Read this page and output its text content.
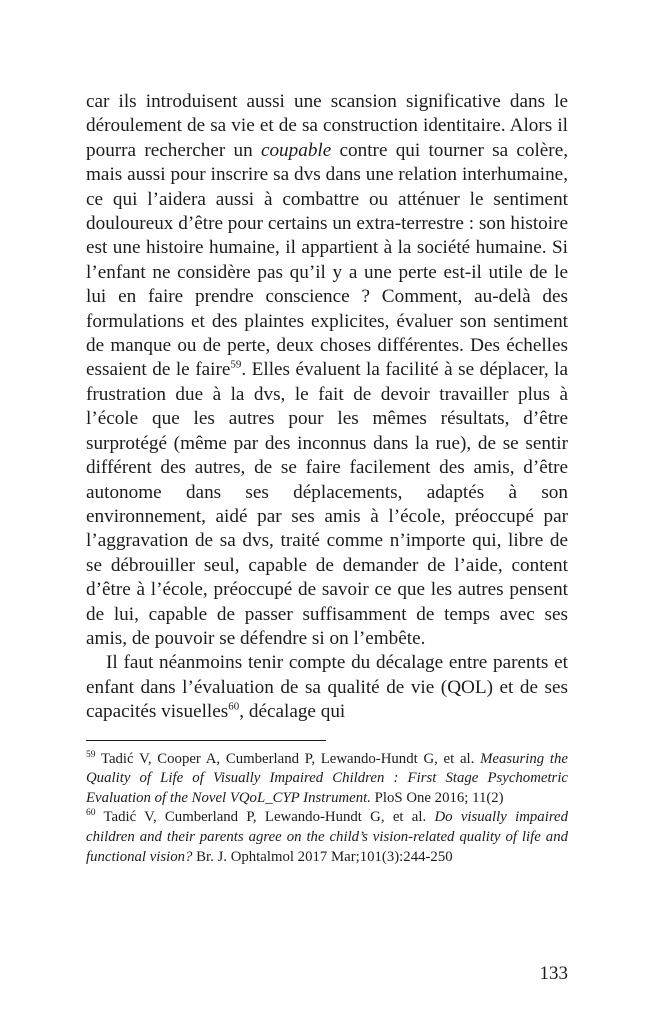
car ils introduisent aussi une scansion significative dans le déroulement de sa vie et de sa construction identitaire. Alors il pourra rechercher un coupable contre qui tourner sa colère, mais aussi pour inscrire sa dvs dans une relation interhumaine, ce qui l’aidera aussi à combattre ou atténuer le sentiment douloureux d’être pour certains un extra-terrestre : son histoire est une histoire humaine, il appartient à la société humaine. Si l’enfant ne considère pas qu’il y a une perte est-il utile de le lui en faire prendre conscience ? Comment, au-delà des formulations et des plaintes explicites, évaluer son sentiment de manque ou de perte, deux choses différentes. Des échelles essaient de le faire$^{59}$. Elles évaluent la facilité à se déplacer, la frustration due à la dvs, le fait de devoir travailler plus à l’école que les autres pour les mêmes résultats, d’être surprotégé (même par des inconnus dans la rue), de se sentir différent des autres, de se faire facilement des amis, d’être autonome dans ses déplacements, adaptés à son environnement, aidé par ses amis à l’école, préoccupé par l’aggravation de sa dvs, traité comme n’importe qui, libre de se débrouiller seul, capable de demander de l’aide, content d’être à l’école, préoccupé de savoir ce que les autres pensent de lui, capable de passer suffisamment de temps avec ses amis, de pouvoir se défendre si on l’embête.

Il faut néanmoins tenir compte du décalage entre parents et enfant dans l’évaluation de sa qualité de vie (QOL) et de ses capacités visuelles$^{60}$, décalage qui

$^{59}$ Tadić V, Cooper A, Cumberland P, Lewando-Hundt G, et al. Measuring the Quality of Life of Visually Impaired Children : First Stage Psychometric Evaluation of the Novel VQoL_CYP Instrument. PloS One 2016; 11(2)

$^{60}$ Tadić V, Cumberland P, Lewando-Hundt G, et al. Do visually impaired children and their parents agree on the child’s vision-related quality of life and functional vision? Br. J. Ophtalmol 2017 Mar;101(3):244-250

133
